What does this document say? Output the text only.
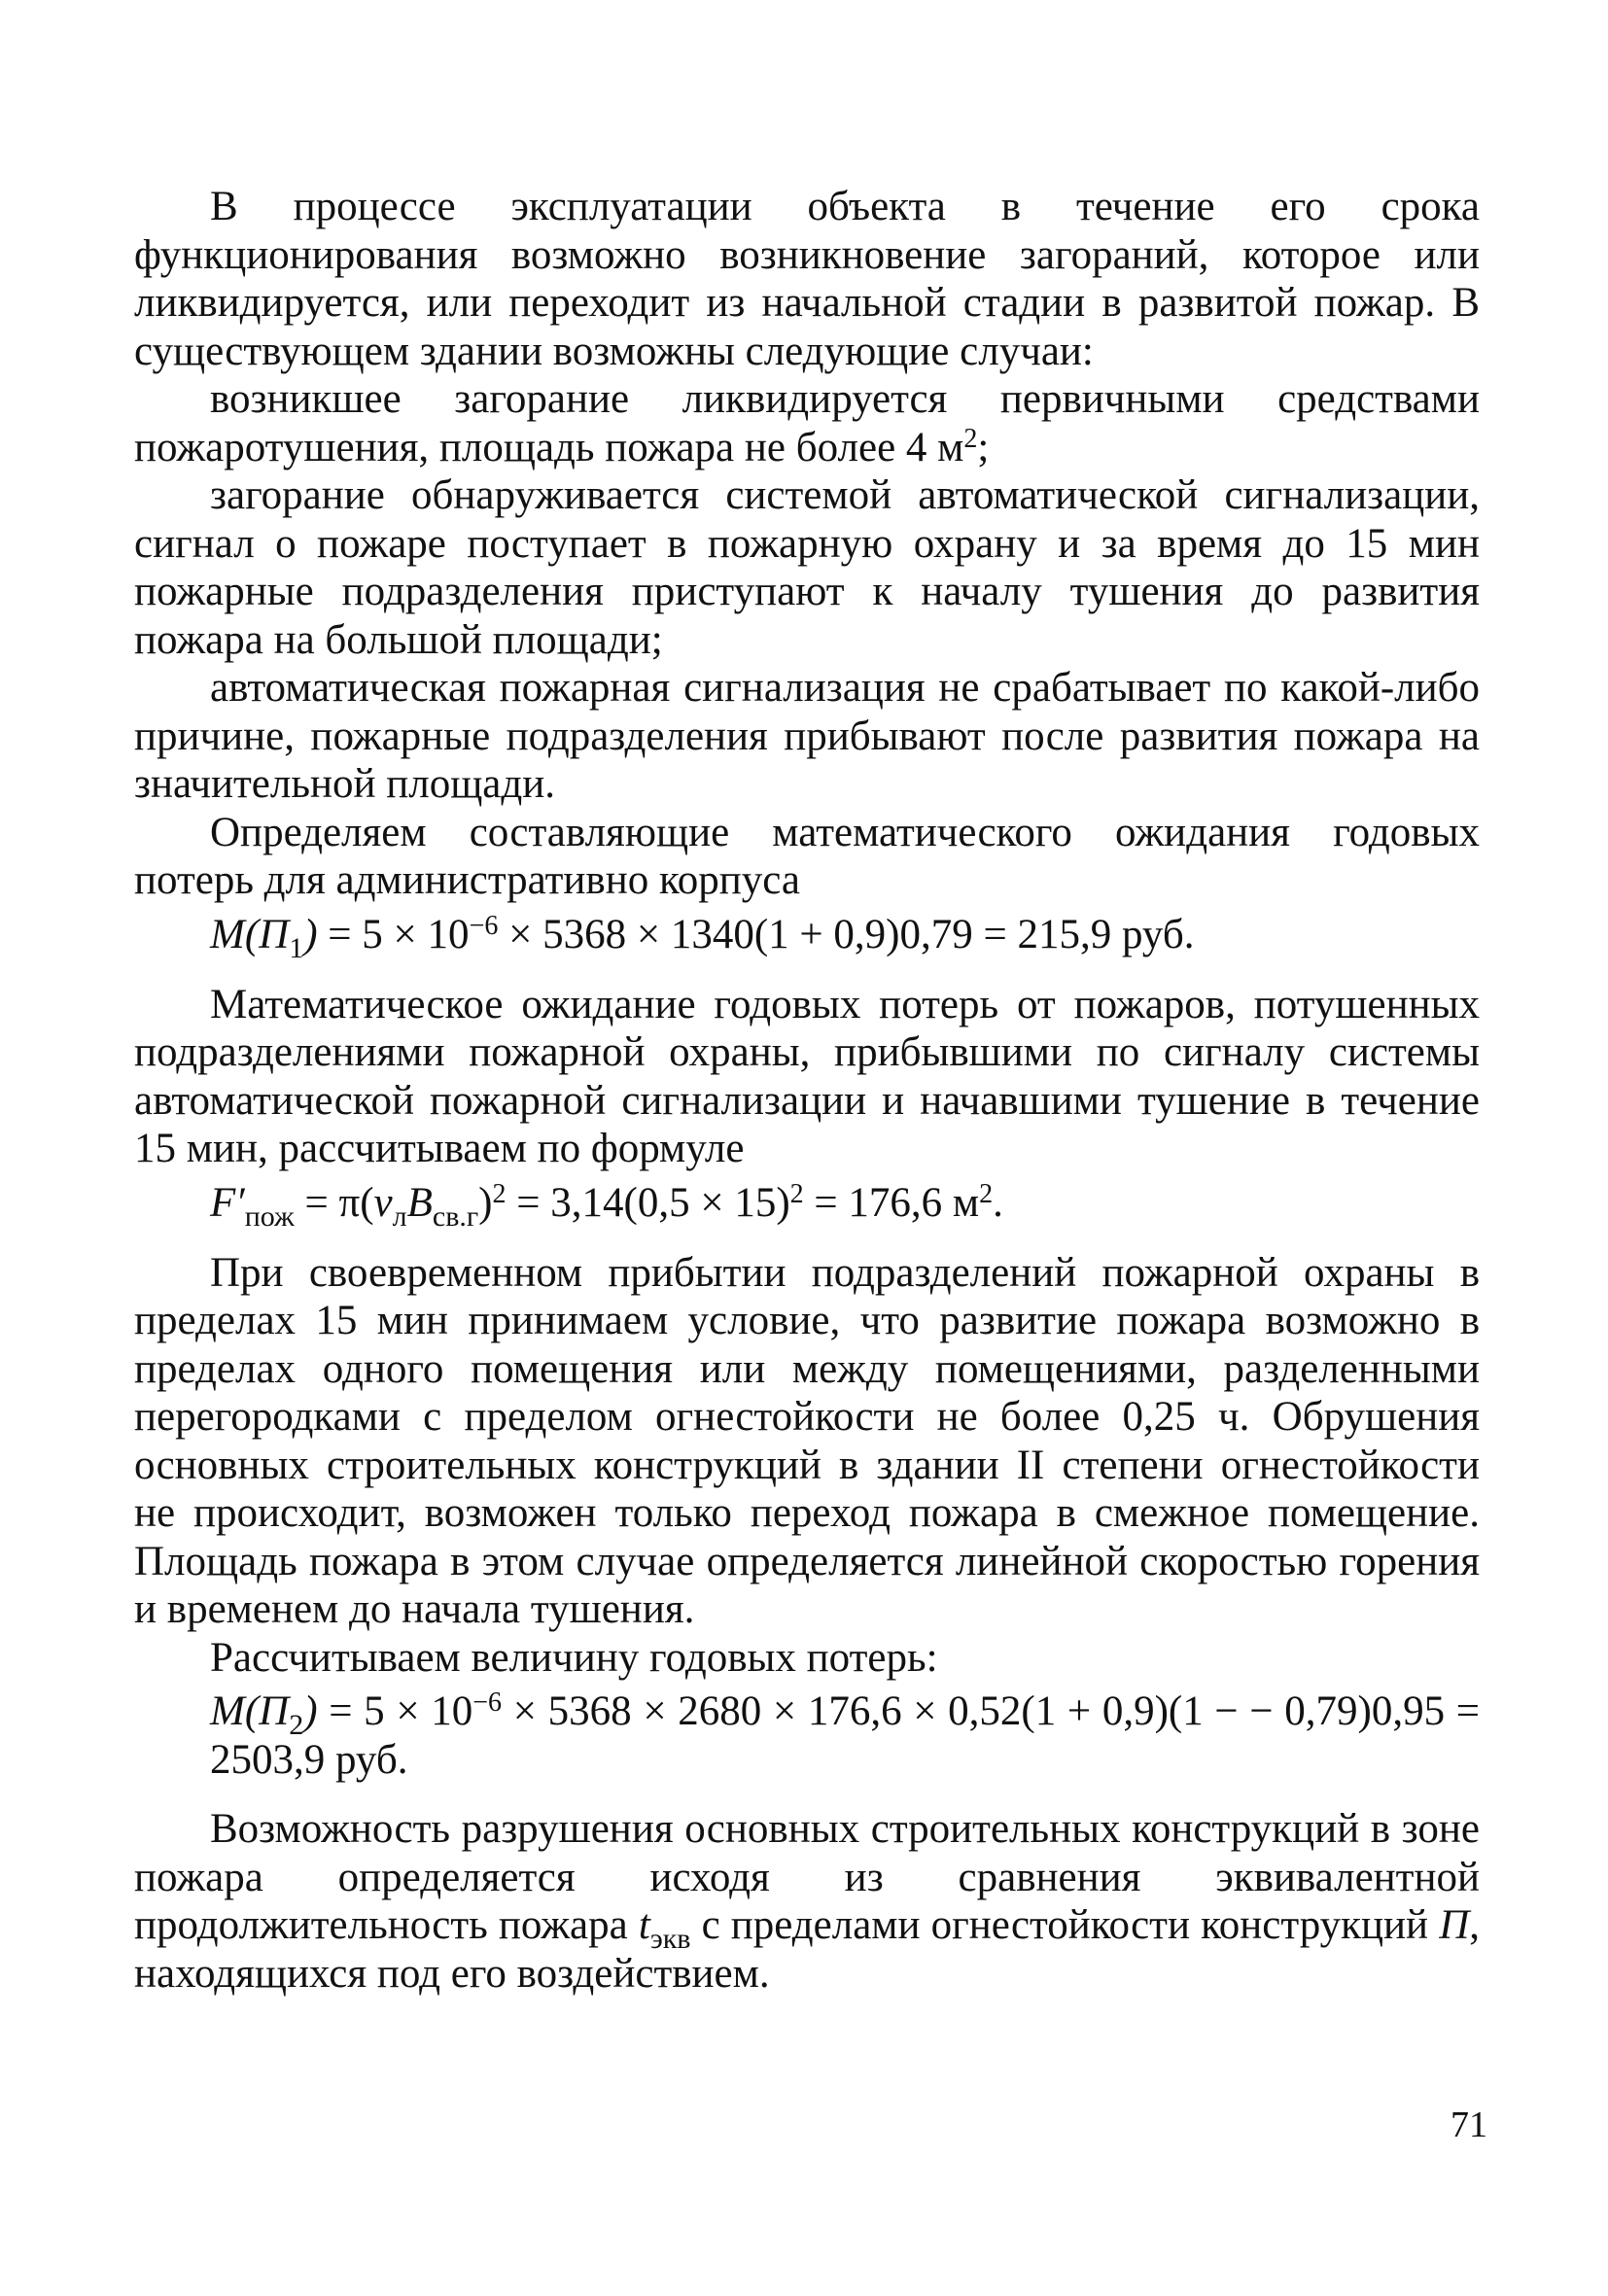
В процессе эксплуатации объекта в течение его срока функционирования возможно возникновение загораний, которое или ликвидируется, или переходит из начальной стадии в развитой пожар. В существующем здании возможны следующие случаи:

возникшее загорание ликвидируется первичными средствами пожаротушения, площадь пожара не более 4 $м^2$;

загорание обнаруживается системой автоматической сигнализации, сигнал о пожаре поступает в пожарную охрану и за время до 15 мин пожарные подразделения приступают к началу тушения до развития пожара на большой площади;

автоматическая пожарная сигнализация не срабатывает по какой-либо причине, пожарные подразделения прибывают после развития пожара на значительной площади.

Определяем составляющие математического ожидания годовых потерь для административно корпуса

$M(П_1) = 5 \times 10^{-6} \times 5368 \times 1340(1 + 0,9)0,79 = 215,9$ руб.

Математическое ожидание годовых потерь от пожаров, потушенных подразделениями пожарной охраны, прибывшими по сигналу системы автоматической пожарной сигнализации и начавшими тушение в течение 15 мин, рассчитываем по формуле

$F'_{пож} = \pi(v_лB_{св.г})^2 = 3,14(0,5 \times 15)^2 = 176,6$ $м^2$.

При своевременном прибытии подразделений пожарной охраны в пределах 15 мин принимаем условие, что развитие пожара возможно в пределах одного помещения или между помещениями, разделенными перегородками с пределом огнестойкости не более 0,25 ч. Обрушения основных строительных конструкций в здании II степени огнестойкости не происходит, возможен только переход пожара в смежное помещение. Площадь пожара в этом случае определяется линейной скоростью горения и временем до начала тушения.

Рассчитываем величину годовых потерь:

$M(П_2) = 5 \times 10^{-6} \times 5368 \times 2680 \times 176,6 \times 0,52(1 + 0,9)(1$ − − 0,79)0,95 = 2503,9 руб.

Возможность разрушения основных строительных конструкций в зоне пожара определяется исходя из сравнения эквивалентной продолжительность пожара $t_{экв}$ с пределами огнестойкости конструкций П, находящихся под его воздействием.

71
